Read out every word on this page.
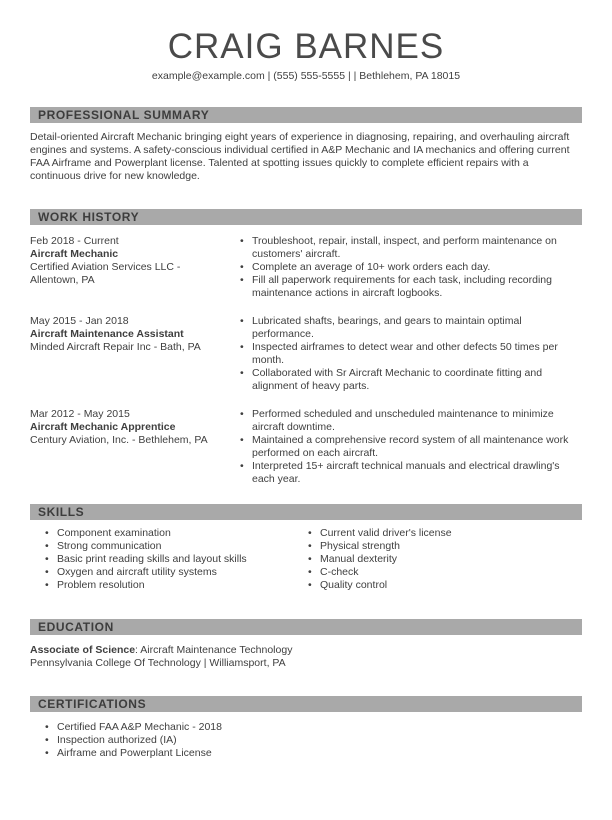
CRAIG BARNES
example@example.com | (555) 555-5555 | | Bethlehem, PA 18015
PROFESSIONAL SUMMARY
Detail-oriented Aircraft Mechanic bringing eight years of experience in diagnosing, repairing, and overhauling aircraft engines and systems. A safety-conscious individual certified in A&P Mechanic and IA mechanics and offering current FAA Airframe and Powerplant license. Talented at spotting issues quickly to complete efficient repairs with a continuous drive for new knowledge.
WORK HISTORY
Feb 2018 - Current
Aircraft Mechanic
Certified Aviation Services LLC - Allentown, PA
• Troubleshoot, repair, install, inspect, and perform maintenance on customers' aircraft.
• Complete an average of 10+ work orders each day.
• Fill all paperwork requirements for each task, including recording maintenance actions in aircraft logbooks.
May 2015 - Jan 2018
Aircraft Maintenance Assistant
Minded Aircraft Repair Inc - Bath, PA
• Lubricated shafts, bearings, and gears to maintain optimal performance.
• Inspected airframes to detect wear and other defects 50 times per month.
• Collaborated with Sr Aircraft Mechanic to coordinate fitting and alignment of heavy parts.
Mar 2012 - May 2015
Aircraft Mechanic Apprentice
Century Aviation, Inc. - Bethlehem, PA
• Performed scheduled and unscheduled maintenance to minimize aircraft downtime.
• Maintained a comprehensive record system of all maintenance work performed on each aircraft.
• Interpreted 15+ aircraft technical manuals and electrical drawling's each year.
SKILLS
• Component examination
• Strong communication
• Basic print reading skills and layout skills
• Oxygen and aircraft utility systems
• Problem resolution
• Current valid driver's license
• Physical strength
• Manual dexterity
• C-check
• Quality control
EDUCATION
Associate of Science: Aircraft Maintenance Technology
Pennsylvania College Of Technology | Williamsport, PA
CERTIFICATIONS
• Certified FAA A&P Mechanic - 2018
• Inspection authorized (IA)
• Airframe and Powerplant License
